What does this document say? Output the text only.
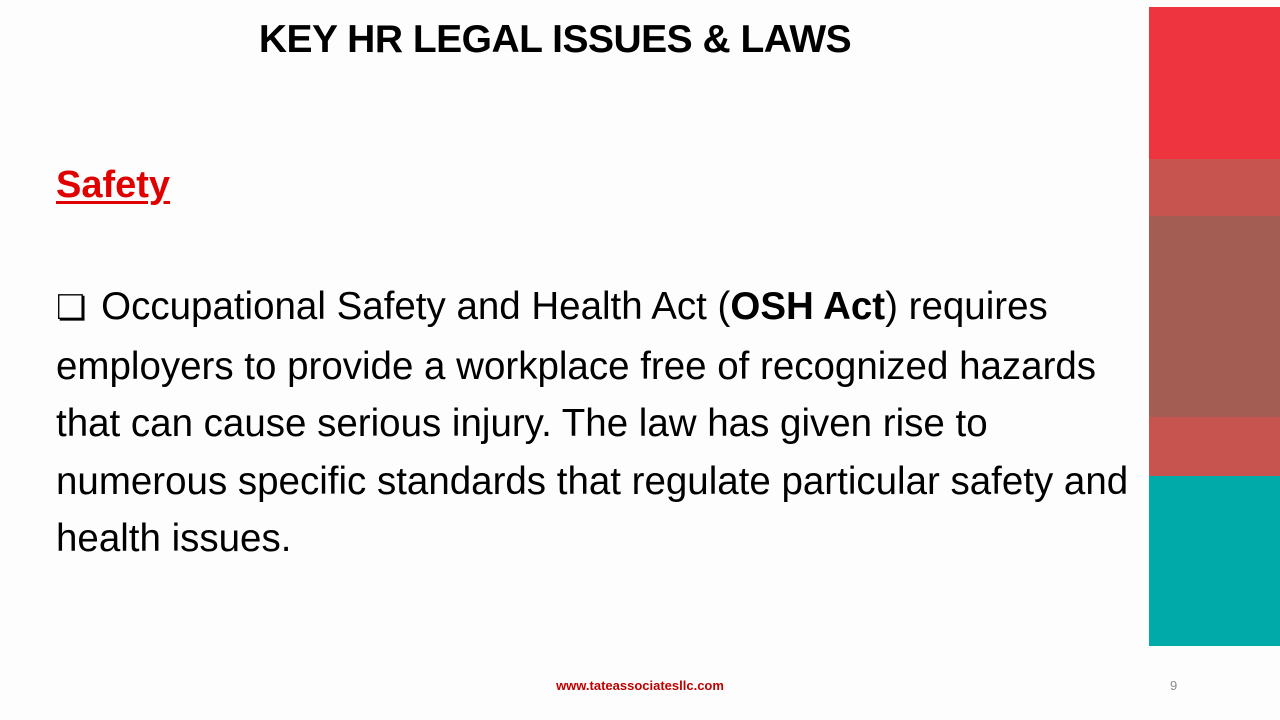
KEY HR LEGAL ISSUES & LAWS
Safety
❏ Occupational Safety and Health Act (OSH Act) requires employers to provide a workplace free of recognized hazards that can cause serious injury. The law has given rise to numerous specific standards that regulate particular safety and health issues.
www.tateassociatesllc.com	9
